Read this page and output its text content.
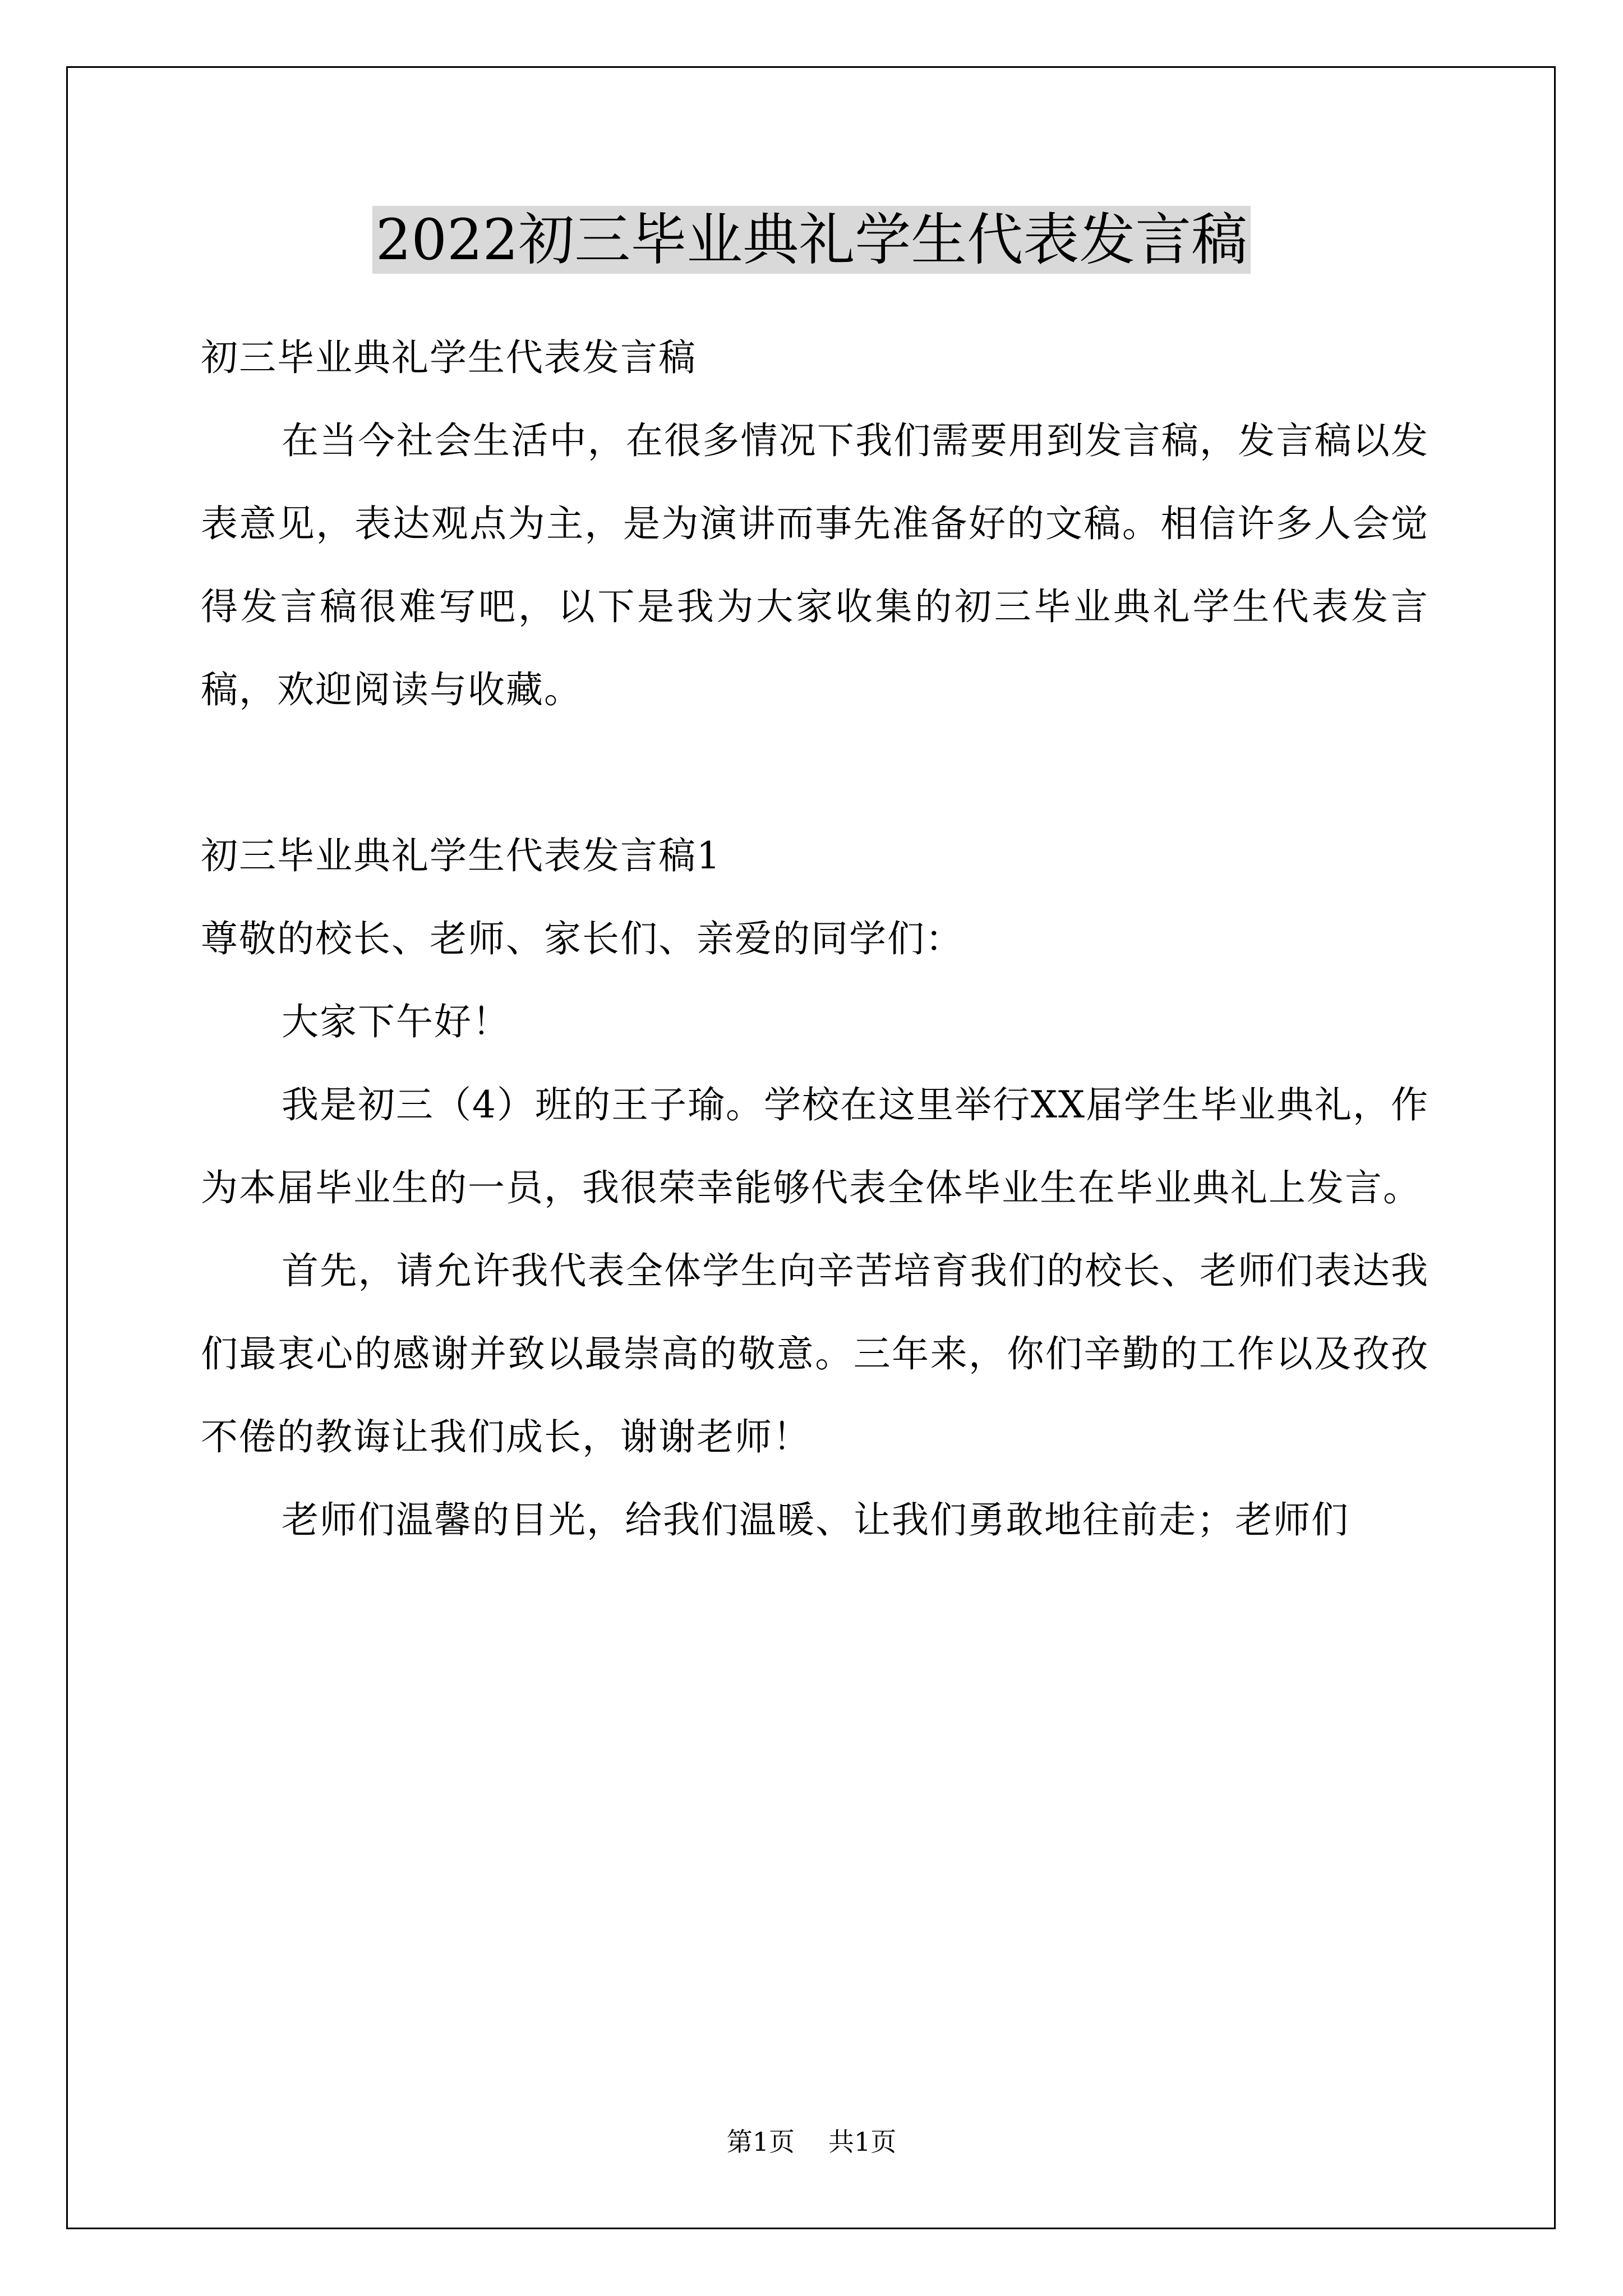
2022初三毕业典礼学生代表发言稿

初三毕业典礼学生代表发言稿

在当今社会生活中，在很多情况下我们需要用到发言稿，发言稿以发表意见，表达观点为主，是为演讲而事先准备好的文稿。相信许多人会觉得发言稿很难写吧，以下是我为大家收集的初三毕业典礼学生代表发言稿，欢迎阅读与收藏。

初三毕业典礼学生代表发言稿1

尊敬的校长、老师、家长们、亲爱的同学们：

大家下午好！

我是初三（4）班的王子瑜。学校在这里举行XX届学生毕业典礼，作为本届毕业生的一员，我很荣幸能够代表全体毕业生在毕业典礼上发言。

首先，请允许我代表全体学生向辛苦培育我们的校长、老师们表达我们最衷心的感谢并致以最崇高的敬意。三年来，你们辛勤的工作以及孜孜不倦的教诲让我们成长，谢谢老师！

老师们温馨的目光，给我们温暖、让我们勇敢地往前走；老师们

第1页 共1页
